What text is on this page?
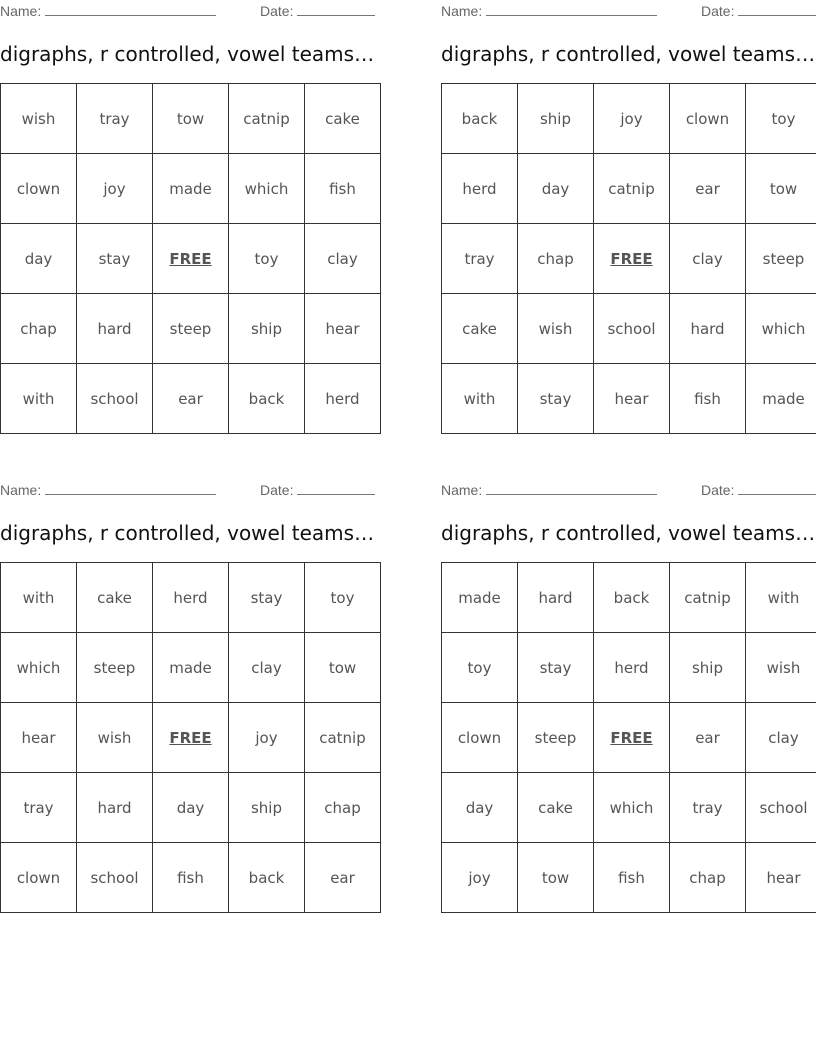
Name:	Date:
digraphs, r controlled, vowel teams…
wish	tray	tow	catnip	cake
clown	joy	made	which	fish
day	stay	FREE	toy	clay
chap	hard	steep	ship	hear
with	school	ear	back	herd
Name:	Date:
digraphs, r controlled, vowel teams…
back	ship	joy	clown	toy
herd	day	catnip	ear	tow
tray	chap	FREE	clay	steep
cake	wish	school	hard	which
with	stay	hear	fish	made
Name:	Date:
digraphs, r controlled, vowel teams…
with	cake	herd	stay	toy
which	steep	made	clay	tow
hear	wish	FREE	joy	catnip
tray	hard	day	ship	chap
clown	school	fish	back	ear
Name:	Date:
digraphs, r controlled, vowel teams…
made	hard	back	catnip	with
toy	stay	herd	ship	wish
clown	steep	FREE	ear	clay
day	cake	which	tray	school
joy	tow	fish	chap	hear
